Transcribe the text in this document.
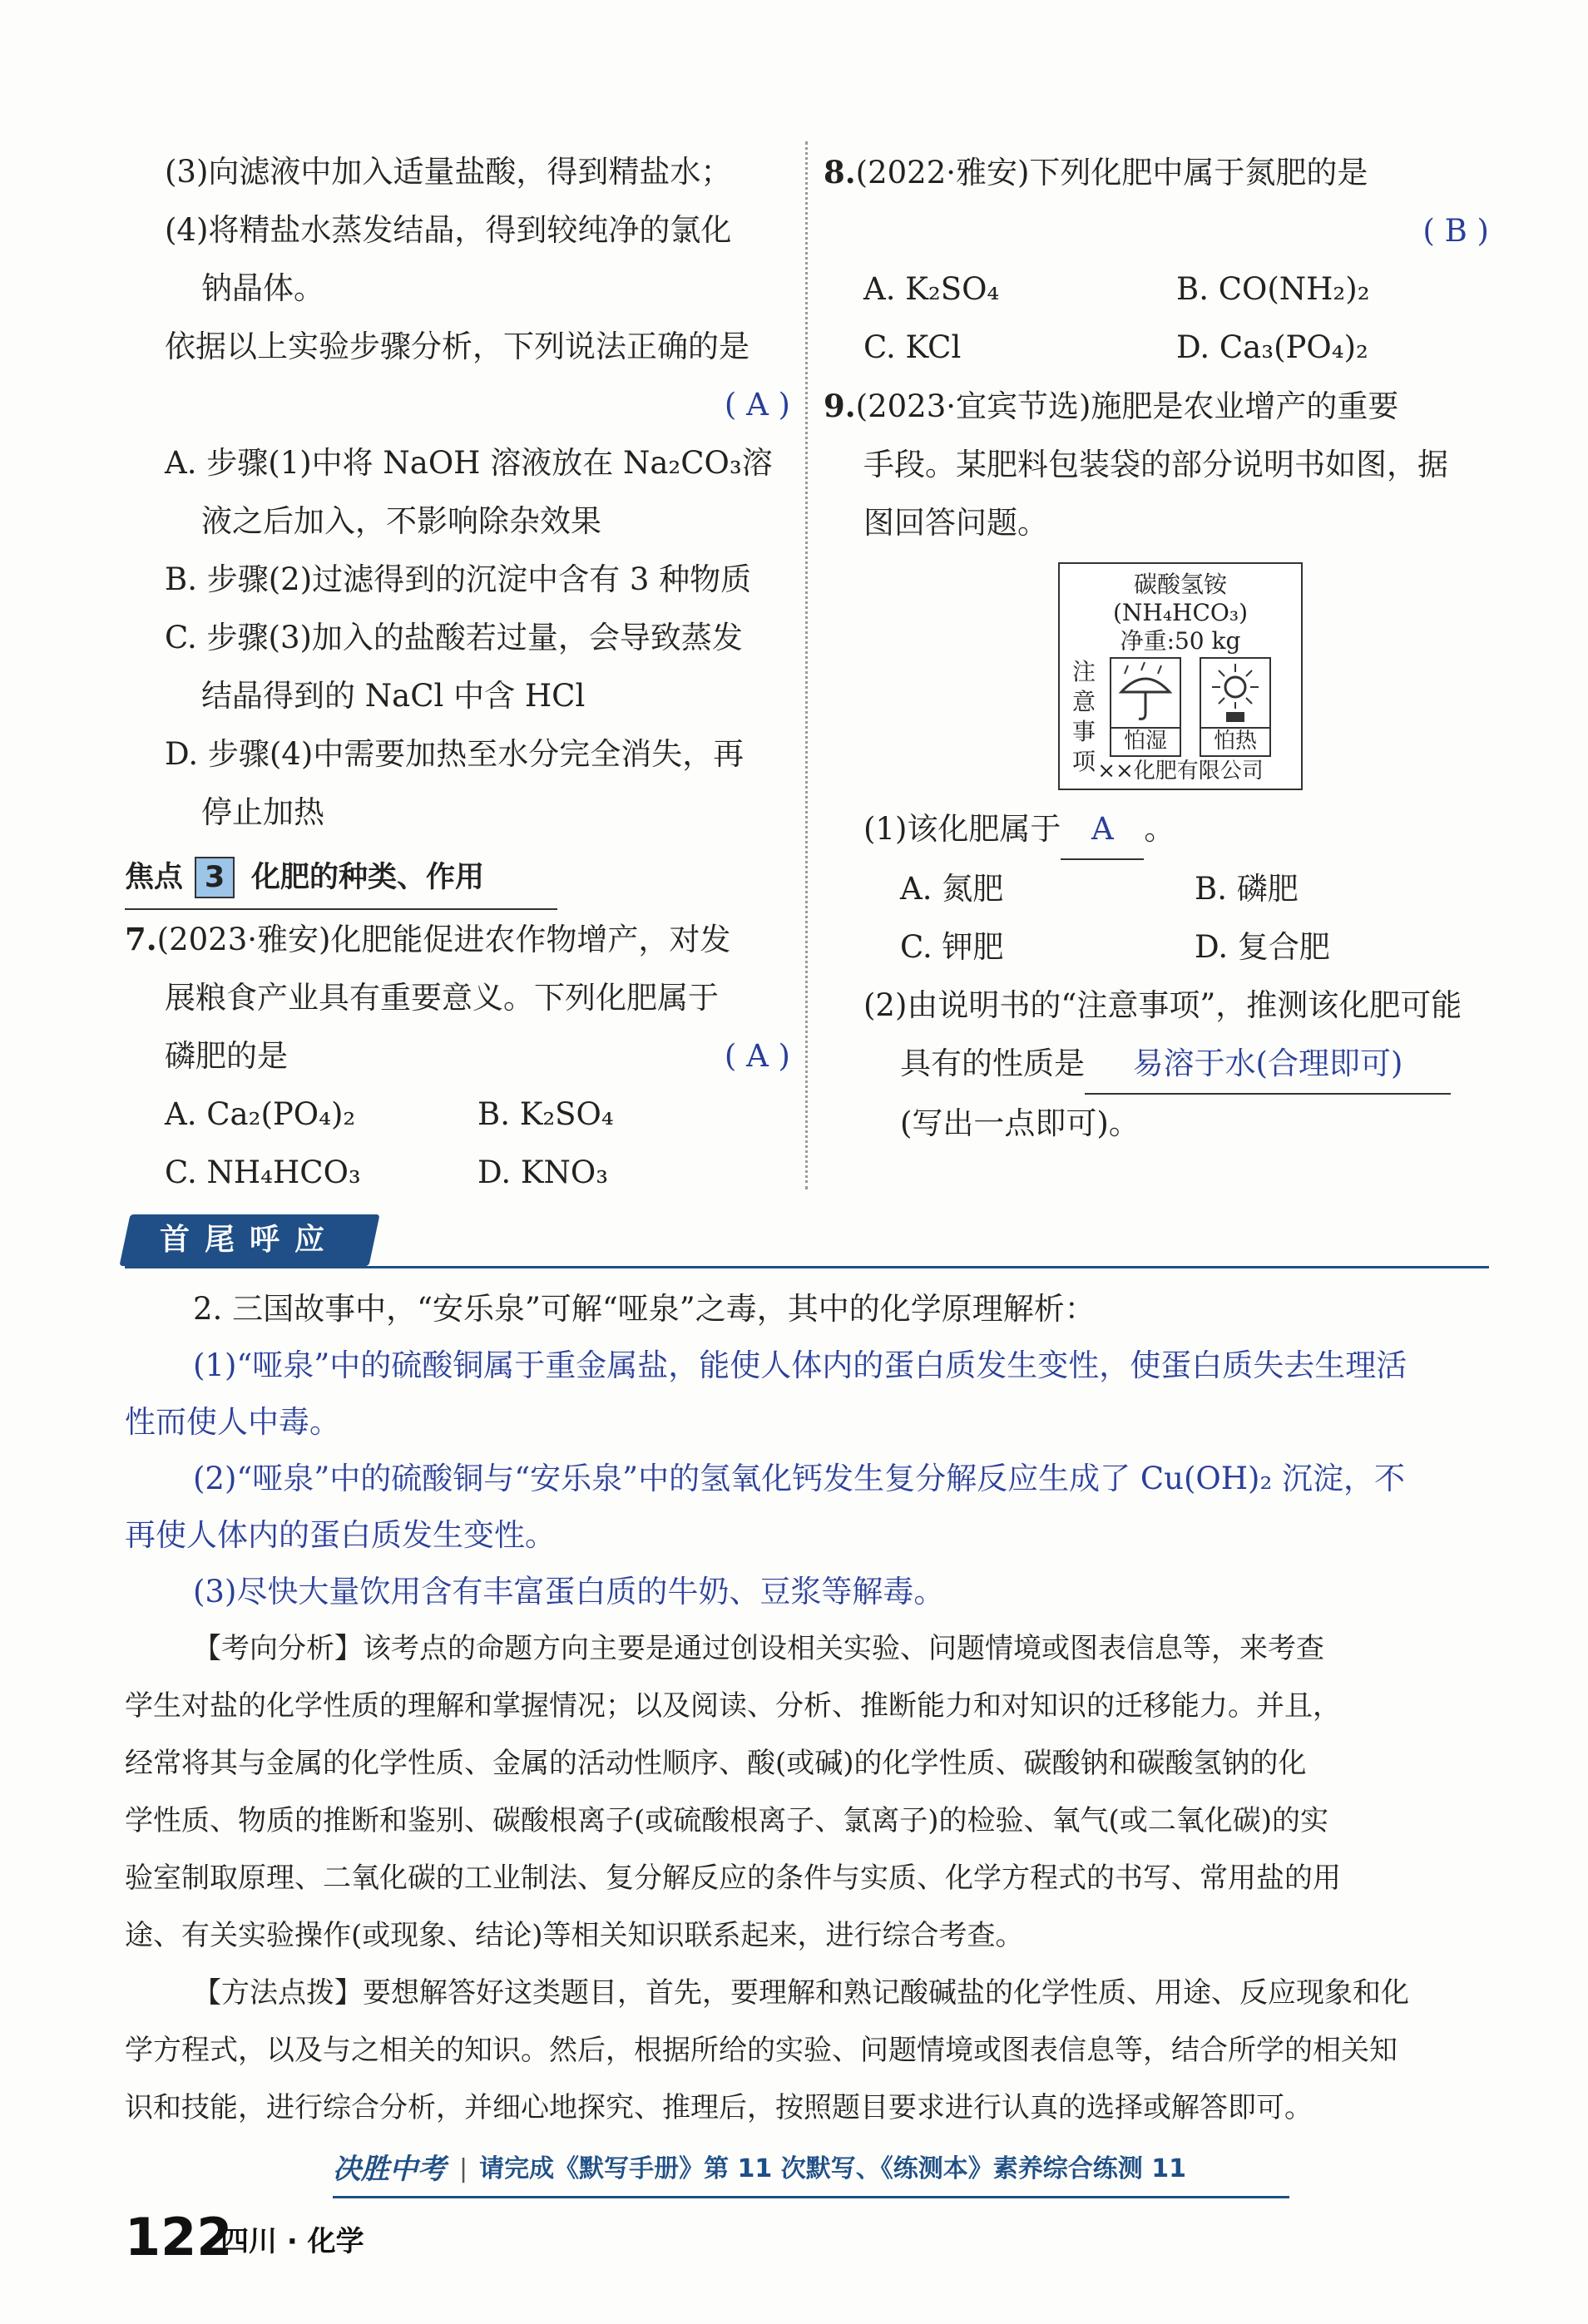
(3)向滤液中加入适量盐酸，得到精盐水；
(4)将精盐水蒸发结晶，得到较纯净的氯化
钠晶体。
依据以上实验步骤分析，下列说法正确的是
( A )
A. 步骤(1)中将 NaOH 溶液放在 Na₂CO₃溶
液之后加入，不影响除杂效果
B. 步骤(2)过滤得到的沉淀中含有 3 种物质
C. 步骤(3)加入的盐酸若过量，会导致蒸发
结晶得到的 NaCl 中含 HCl
D. 步骤(4)中需要加热至水分完全消失，再
停止加热
焦点 3 化肥的种类、作用
7.(2023·雅安)化肥能促进农作物增产，对发
展粮食产业具有重要意义。下列化肥属于
磷肥的是	( A )
A. Ca₂(PO₄)₂	B. K₂SO₄
C. NH₄HCO₃	D. KNO₃
8.(2022·雅安)下列化肥中属于氮肥的是
( B )
A. K₂SO₄	B. CO(NH₂)₂
C. KCl	D. Ca₃(PO₄)₂
9.(2023·宜宾节选)施肥是农业增产的重要
手段。某肥料包装袋的部分说明书如图，据
图回答问题。
碳酸氢铵
(NH₄HCO₃)
净重:50 kg
注意事项
怕湿	怕热
××化肥有限公司
(1)该化肥属于 A 。
A. 氮肥	B. 磷肥
C. 钾肥	D. 复合肥
(2)由说明书的“注意事项”，推测该化肥可能
具有的性质是 易溶于水(合理即可)
(写出一点即可)。
首尾呼应
2. 三国故事中，“安乐泉”可解“哑泉”之毒，其中的化学原理解析：
(1)“哑泉”中的硫酸铜属于重金属盐，能使人体内的蛋白质发生变性，使蛋白质失去生理活
性而使人中毒。
(2)“哑泉”中的硫酸铜与“安乐泉”中的氢氧化钙发生复分解反应生成了 Cu(OH)₂ 沉淀，不
再使人体内的蛋白质发生变性。
(3)尽快大量饮用含有丰富蛋白质的牛奶、豆浆等解毒。
【考向分析】该考点的命题方向主要是通过创设相关实验、问题情境或图表信息等，来考查
学生对盐的化学性质的理解和掌握情况；以及阅读、分析、推断能力和对知识的迁移能力。并且，
经常将其与金属的化学性质、金属的活动性顺序、酸(或碱)的化学性质、碳酸钠和碳酸氢钠的化
学性质、物质的推断和鉴别、碳酸根离子(或硫酸根离子、氯离子)的检验、氧气(或二氧化碳)的实
验室制取原理、二氧化碳的工业制法、复分解反应的条件与实质、化学方程式的书写、常用盐的用
途、有关实验操作(或现象、结论)等相关知识联系起来，进行综合考查。
【方法点拨】要想解答好这类题目，首先，要理解和熟记酸碱盐的化学性质、用途、反应现象和化
学方程式，以及与之相关的知识。然后，根据所给的实验、问题情境或图表信息等，结合所学的相关知
识和技能，进行综合分析，并细心地探究、推理后，按照题目要求进行认真的选择或解答即可。
决胜中考 | 请完成《默写手册》第 11 次默写、《练测本》素养综合练测 11
122
四川 · 化学
